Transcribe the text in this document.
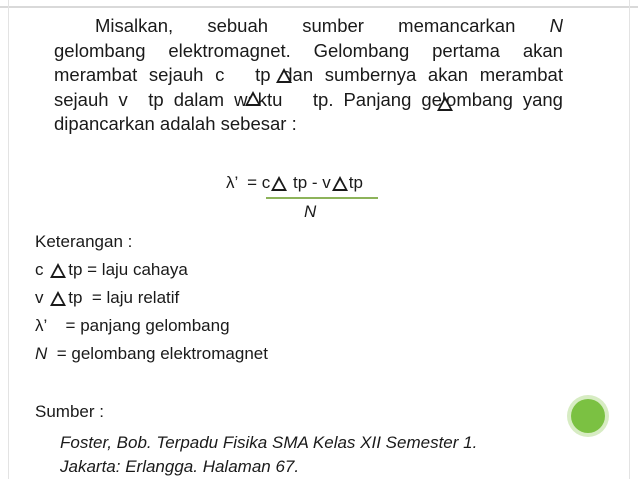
Misalkan, sebuah sumber memancarkan N
gelombang elektromagnet. Gelombang pertama akan
merambat sejauh c      tp dan sumbernya akan merambat
sejauh v    tp dalam waktu tp. Panjang gelombang yang
dipancarkan adalah sebesar :
λ’  = c tp - v tp
N
Keterangan :
c tp = laju cahaya
v tp  = laju relatif
λ’    = panjang gelombang
N = gelombang elektromagnet
Sumber :
Foster, Bob. Terpadu Fisika SMA Kelas XII Semester 1.
Jakarta: Erlangga. Halaman 67.
